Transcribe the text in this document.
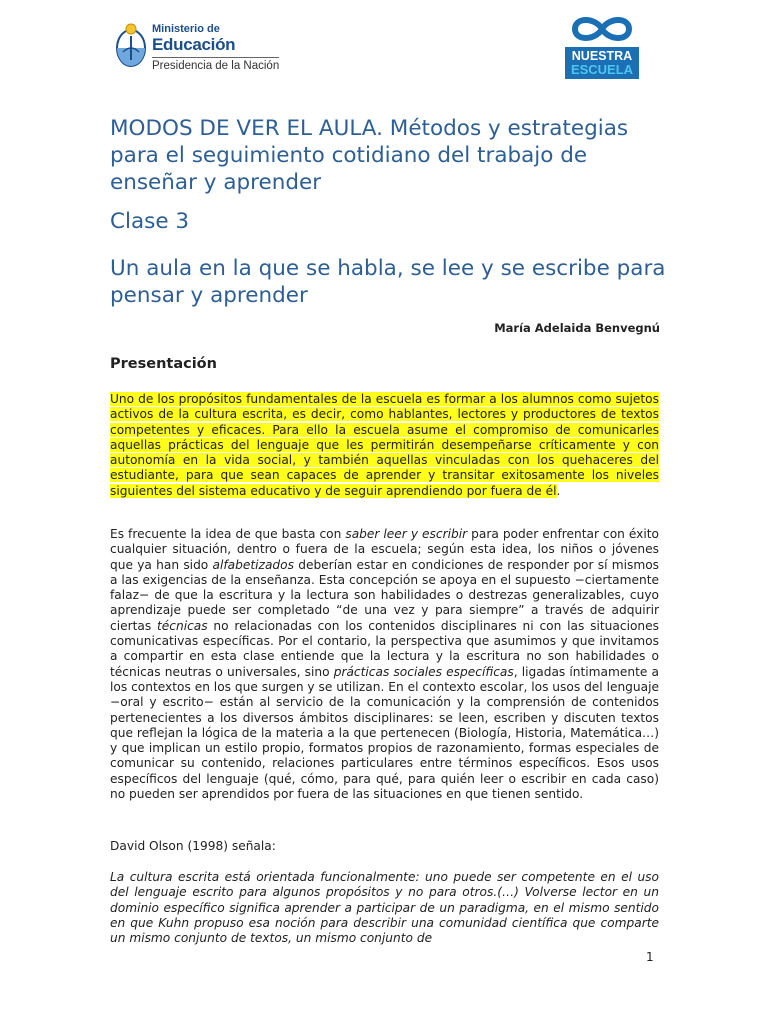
Ministerio de
Educación
Presidencia de la Nación
NUESTRA
ESCUELA
MODOS DE VER EL AULA. Métodos y estrategias para el seguimiento cotidiano del trabajo de enseñar y aprender
Clase 3
Un aula en la que se habla, se lee y se escribe para pensar y aprender
María Adelaida Benvegnú
Presentación

Uno de los propósitos fundamentales de la escuela es formar a los alumnos como sujetos activos de la cultura escrita, es decir, como hablantes, lectores y productores de textos competentes y eficaces. Para ello la escuela asume el compromiso de comunicarles aquellas prácticas del lenguaje que les permitirán desempeñarse críticamente y con autonomía en la vida social, y también aquellas vinculadas con los quehaceres del estudiante, para que sean capaces de aprender y transitar exitosamente los niveles siguientes del sistema educativo y de seguir aprendiendo por fuera de él.

Es frecuente la idea de que basta con saber leer y escribir para poder enfrentar con éxito cualquier situación, dentro o fuera de la escuela; según esta idea, los niños o jóvenes que ya han sido alfabetizados deberían estar en condiciones de responder por sí mismos a las exigencias de la enseñanza. Esta concepción se apoya en el supuesto −ciertamente falaz− de que la escritura y la lectura son habilidades o destrezas generalizables, cuyo aprendizaje puede ser completado “de una vez y para siempre” a través de adquirir ciertas técnicas no relacionadas con los contenidos disciplinares ni con las situaciones comunicativas específicas. Por el contario, la perspectiva que asumimos y que invitamos a compartir en esta clase entiende que la lectura y la escritura no son habilidades o técnicas neutras o universales, sino prácticas sociales específicas, ligadas íntimamente a los contextos en los que surgen y se utilizan. En el contexto escolar, los usos del lenguaje −oral y escrito− están al servicio de la comunicación y la comprensión de contenidos pertenecientes a los diversos ámbitos disciplinares: se leen, escriben y discuten textos que reflejan la lógica de la materia a la que pertenecen (Biología, Historia, Matemática…) y que implican un estilo propio, formatos propios de razonamiento, formas especiales de comunicar su contenido, relaciones particulares entre términos específicos. Esos usos específicos del lenguaje (qué, cómo, para qué, para quién leer o escribir en cada caso) no pueden ser aprendidos por fuera de las situaciones en que tienen sentido.

David Olson (1998) señala:

La cultura escrita está orientada funcionalmente: uno puede ser competente en el uso del lenguaje escrito para algunos propósitos y no para otros.(…) Volverse lector en un dominio específico significa aprender a participar de un paradigma, en el mismo sentido en que Kuhn propuso esa noción para describir una comunidad científica que comparte un mismo conjunto de textos, un mismo conjunto de

1
